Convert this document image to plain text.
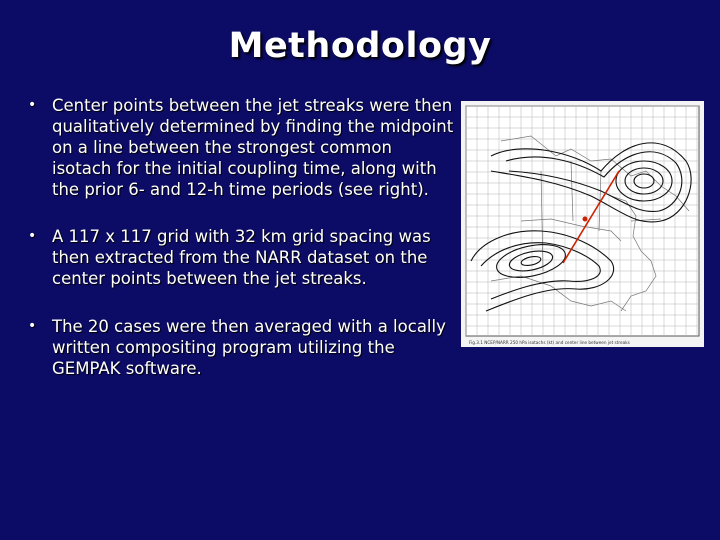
Methodology
• Center points between the jet streaks were then qualitatively determined by finding the midpoint on a line between the strongest common isotach for the initial coupling time, along with the prior 6- and 12-h time periods (see right).
• A 117 x 117 grid with 32 km grid spacing was then extracted from the NARR dataset on the center points between the jet streaks.
• The 20 cases were then averaged with a locally written compositing program utilizing the GEMPAK software.
Fig.3.1 NCEP/NARR 250 hPa isotachs (kt) and center line between jet streaks
